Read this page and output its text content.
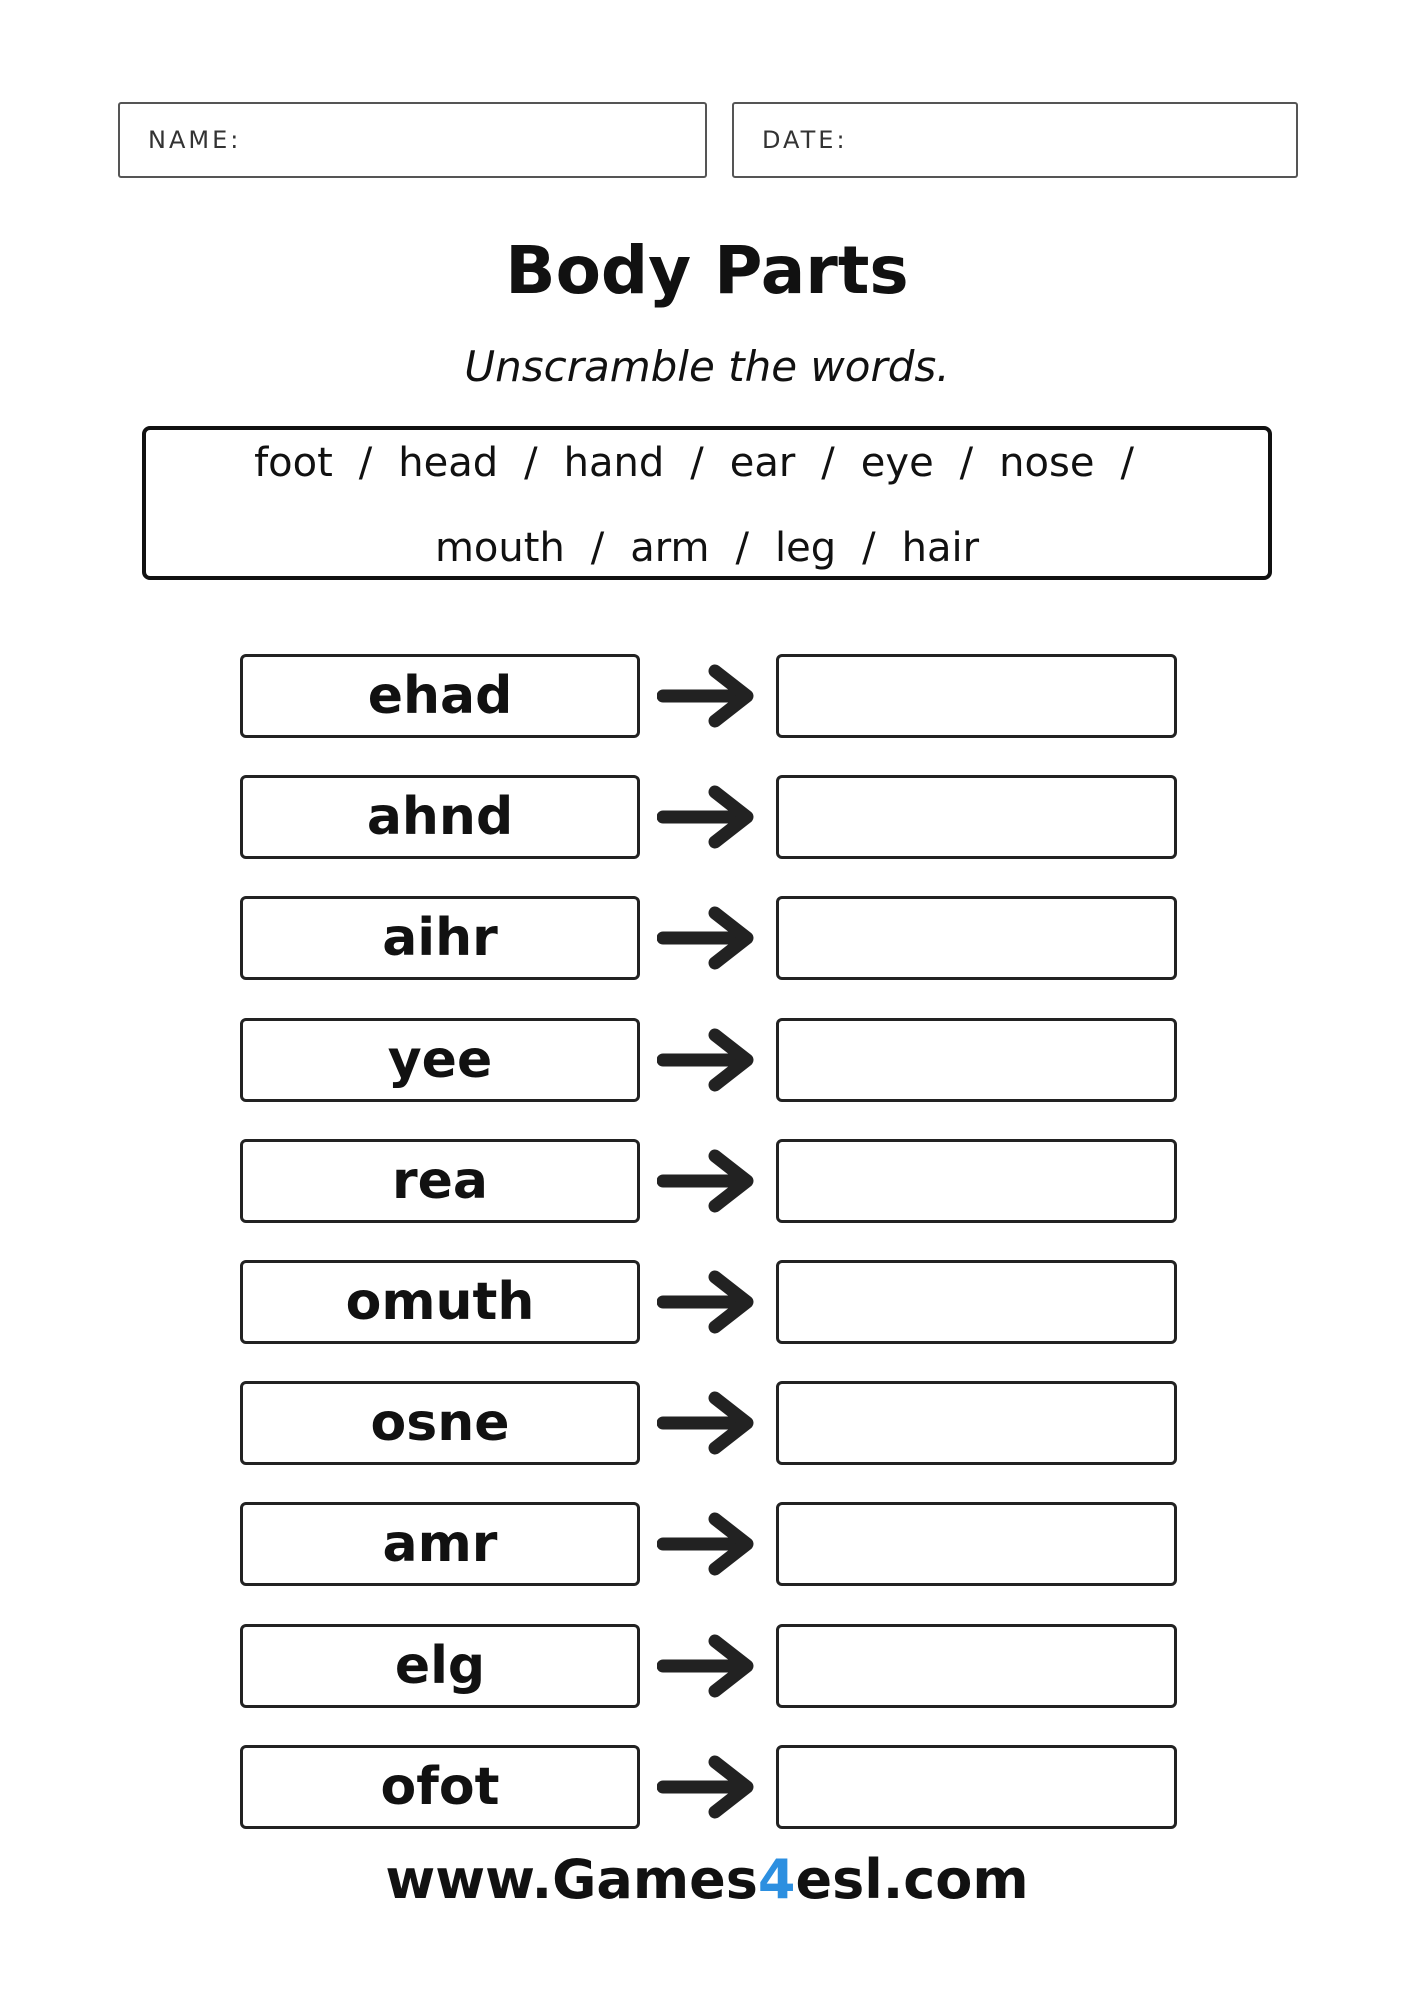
NAME:	DATE:
Body Parts
Unscramble the words.
foot / head / hand / ear / eye / nose /
mouth / arm / leg / hair
ehad
ahnd
aihr
yee
rea
omuth
osne
amr
elg
ofot
www.Games4esl.com
